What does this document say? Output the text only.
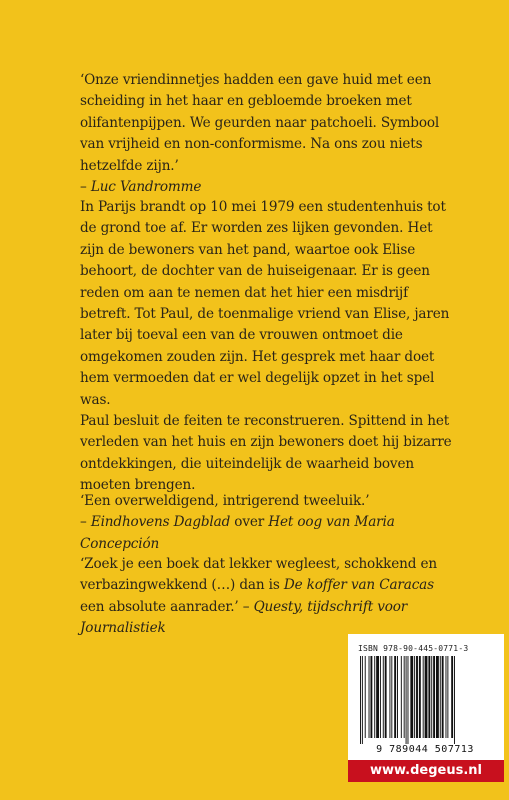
‘Onze vriendinnetjes hadden een gave huid met een scheiding in het haar en gebloemde broeken met olifantenpijpen. We geurden naar patchoeli. Symbool van vrijheid en non-conformisme. Na ons zou niets hetzelfde zijn.’
– Luc Vandromme

In Parijs brandt op 10 mei 1979 een studentenhuis tot de grond toe af. Er worden zes lijken gevonden. Het zijn de bewoners van het pand, waartoe ook Elise behoort, de dochter van de huiseigenaar. Er is geen reden om aan te nemen dat het hier een misdrijf betreft. Tot Paul, de toenmalige vriend van Elise, jaren later bij toeval een van de vrouwen ontmoet die omgekomen zouden zijn. Het gesprek met haar doet hem vermoeden dat er wel degelijk opzet in het spel was.

Paul besluit de feiten te reconstrueren. Spittend in het verleden van het huis en zijn bewoners doet hij bizarre ontdekkingen, die uiteindelijk de waarheid boven moeten brengen.

‘Een overweldigend, intrigerend tweeluik.’
– Eindhovens Dagblad over Het oog van Maria Concepción

‘Zoek je een boek dat lekker wegleest, schokkend en verbazingwekkend (…) dan is De koffer van Caracas een absolute aanrader.’ – Questy, tijdschrift voor Journalistiek

ISBN 978-90-445-0771-3
9 789044 507713
www.degeus.nl
